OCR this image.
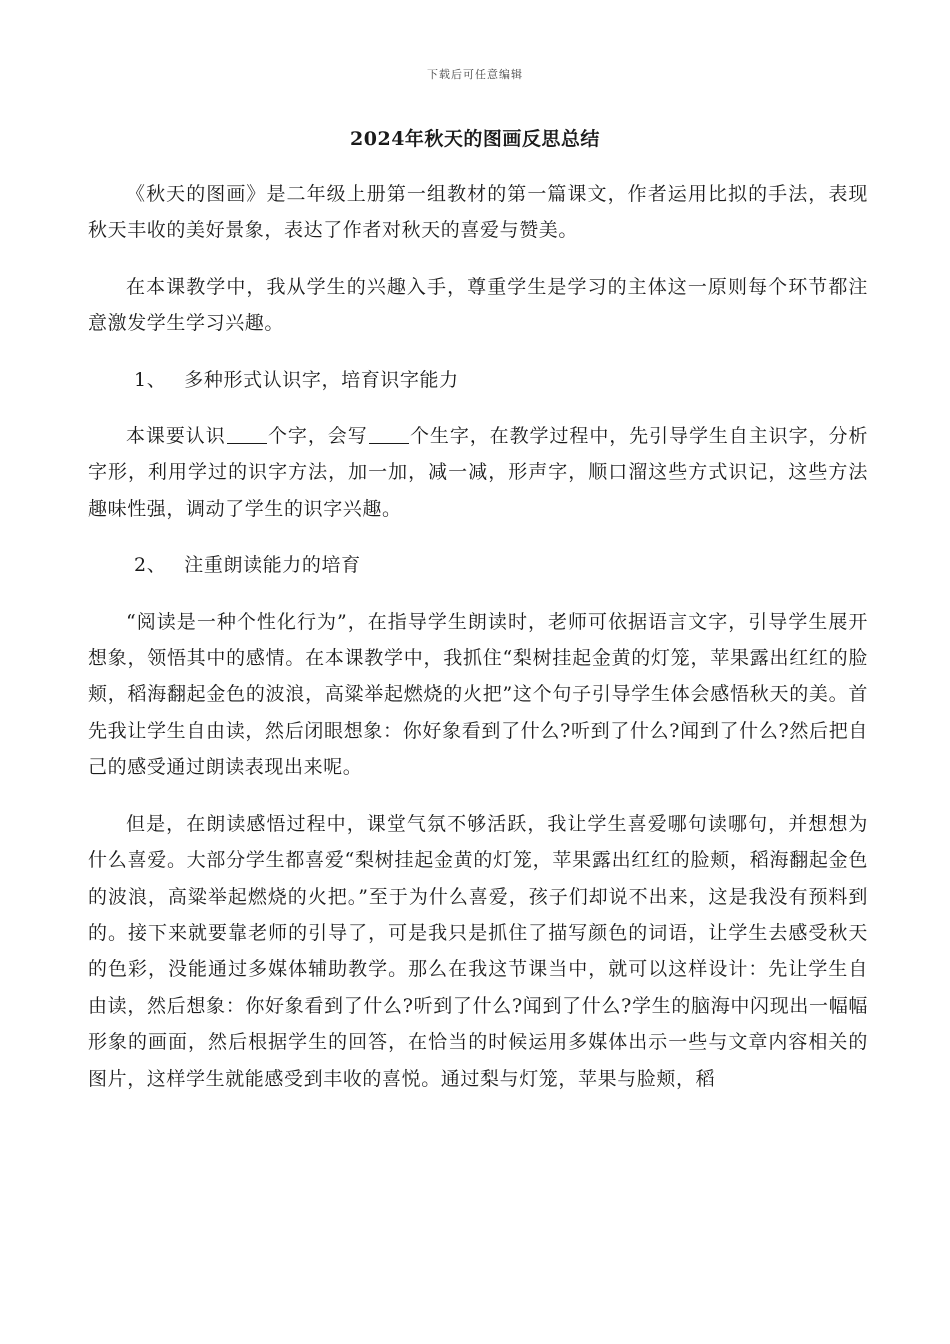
下载后可任意编辑
2024年秋天的图画反思总结

《秋天的图画》是二年级上册第一组教材的第一篇课文，作者运用比拟的手法，表现秋天丰收的美好景象，表达了作者对秋天的喜爱与赞美。

在本课教学中，我从学生的兴趣入手，尊重学生是学习的主体这一原则每个环节都注意激发学生学习兴趣。

1、 多种形式认识字，培育识字能力

本课要认识 个字，会写 个生字，在教学过程中，先引导学生自主识字，分析字形，利用学过的识字方法，加一加，减一减，形声字，顺口溜这些方式识记，这些方法趣味性强，调动了学生的识字兴趣。

2、 注重朗读能力的培育

“阅读是一种个性化行为”，在指导学生朗读时，老师可依据语言文字，引导学生展开想象，领悟其中的感情。在本课教学中，我抓住“梨树挂起金黄的灯笼，苹果露出红红的脸颊，稻海翻起金色的波浪，高粱举起燃烧的火把”这个句子引导学生体会感悟秋天的美。首先我让学生自由读，然后闭眼想象：你好象看到了什么?听到了什么?闻到了什么?然后把自己的感受通过朗读表现出来呢。

但是，在朗读感悟过程中，课堂气氛不够活跃，我让学生喜爱哪句读哪句，并想想为什么喜爱。大部分学生都喜爱“梨树挂起金黄的灯笼，苹果露出红红的脸颊，稻海翻起金色的波浪，高粱举起燃烧的火把。”至于为什么喜爱，孩子们却说不出来，这是我没有预料到的。接下来就要靠老师的引导了，可是我只是抓住了描写颜色的词语，让学生去感受秋天的色彩，没能通过多媒体辅助教学。那么在我这节课当中，就可以这样设计：先让学生自由读，然后想象：你好象看到了什么?听到了什么?闻到了什么?学生的脑海中闪现出一幅幅形象的画面，然后根据学生的回答，在恰当的时候运用多媒体出示一些与文章内容相关的图片，这样学生就能感受到丰收的喜悦。通过梨与灯笼，苹果与脸颊，稻
